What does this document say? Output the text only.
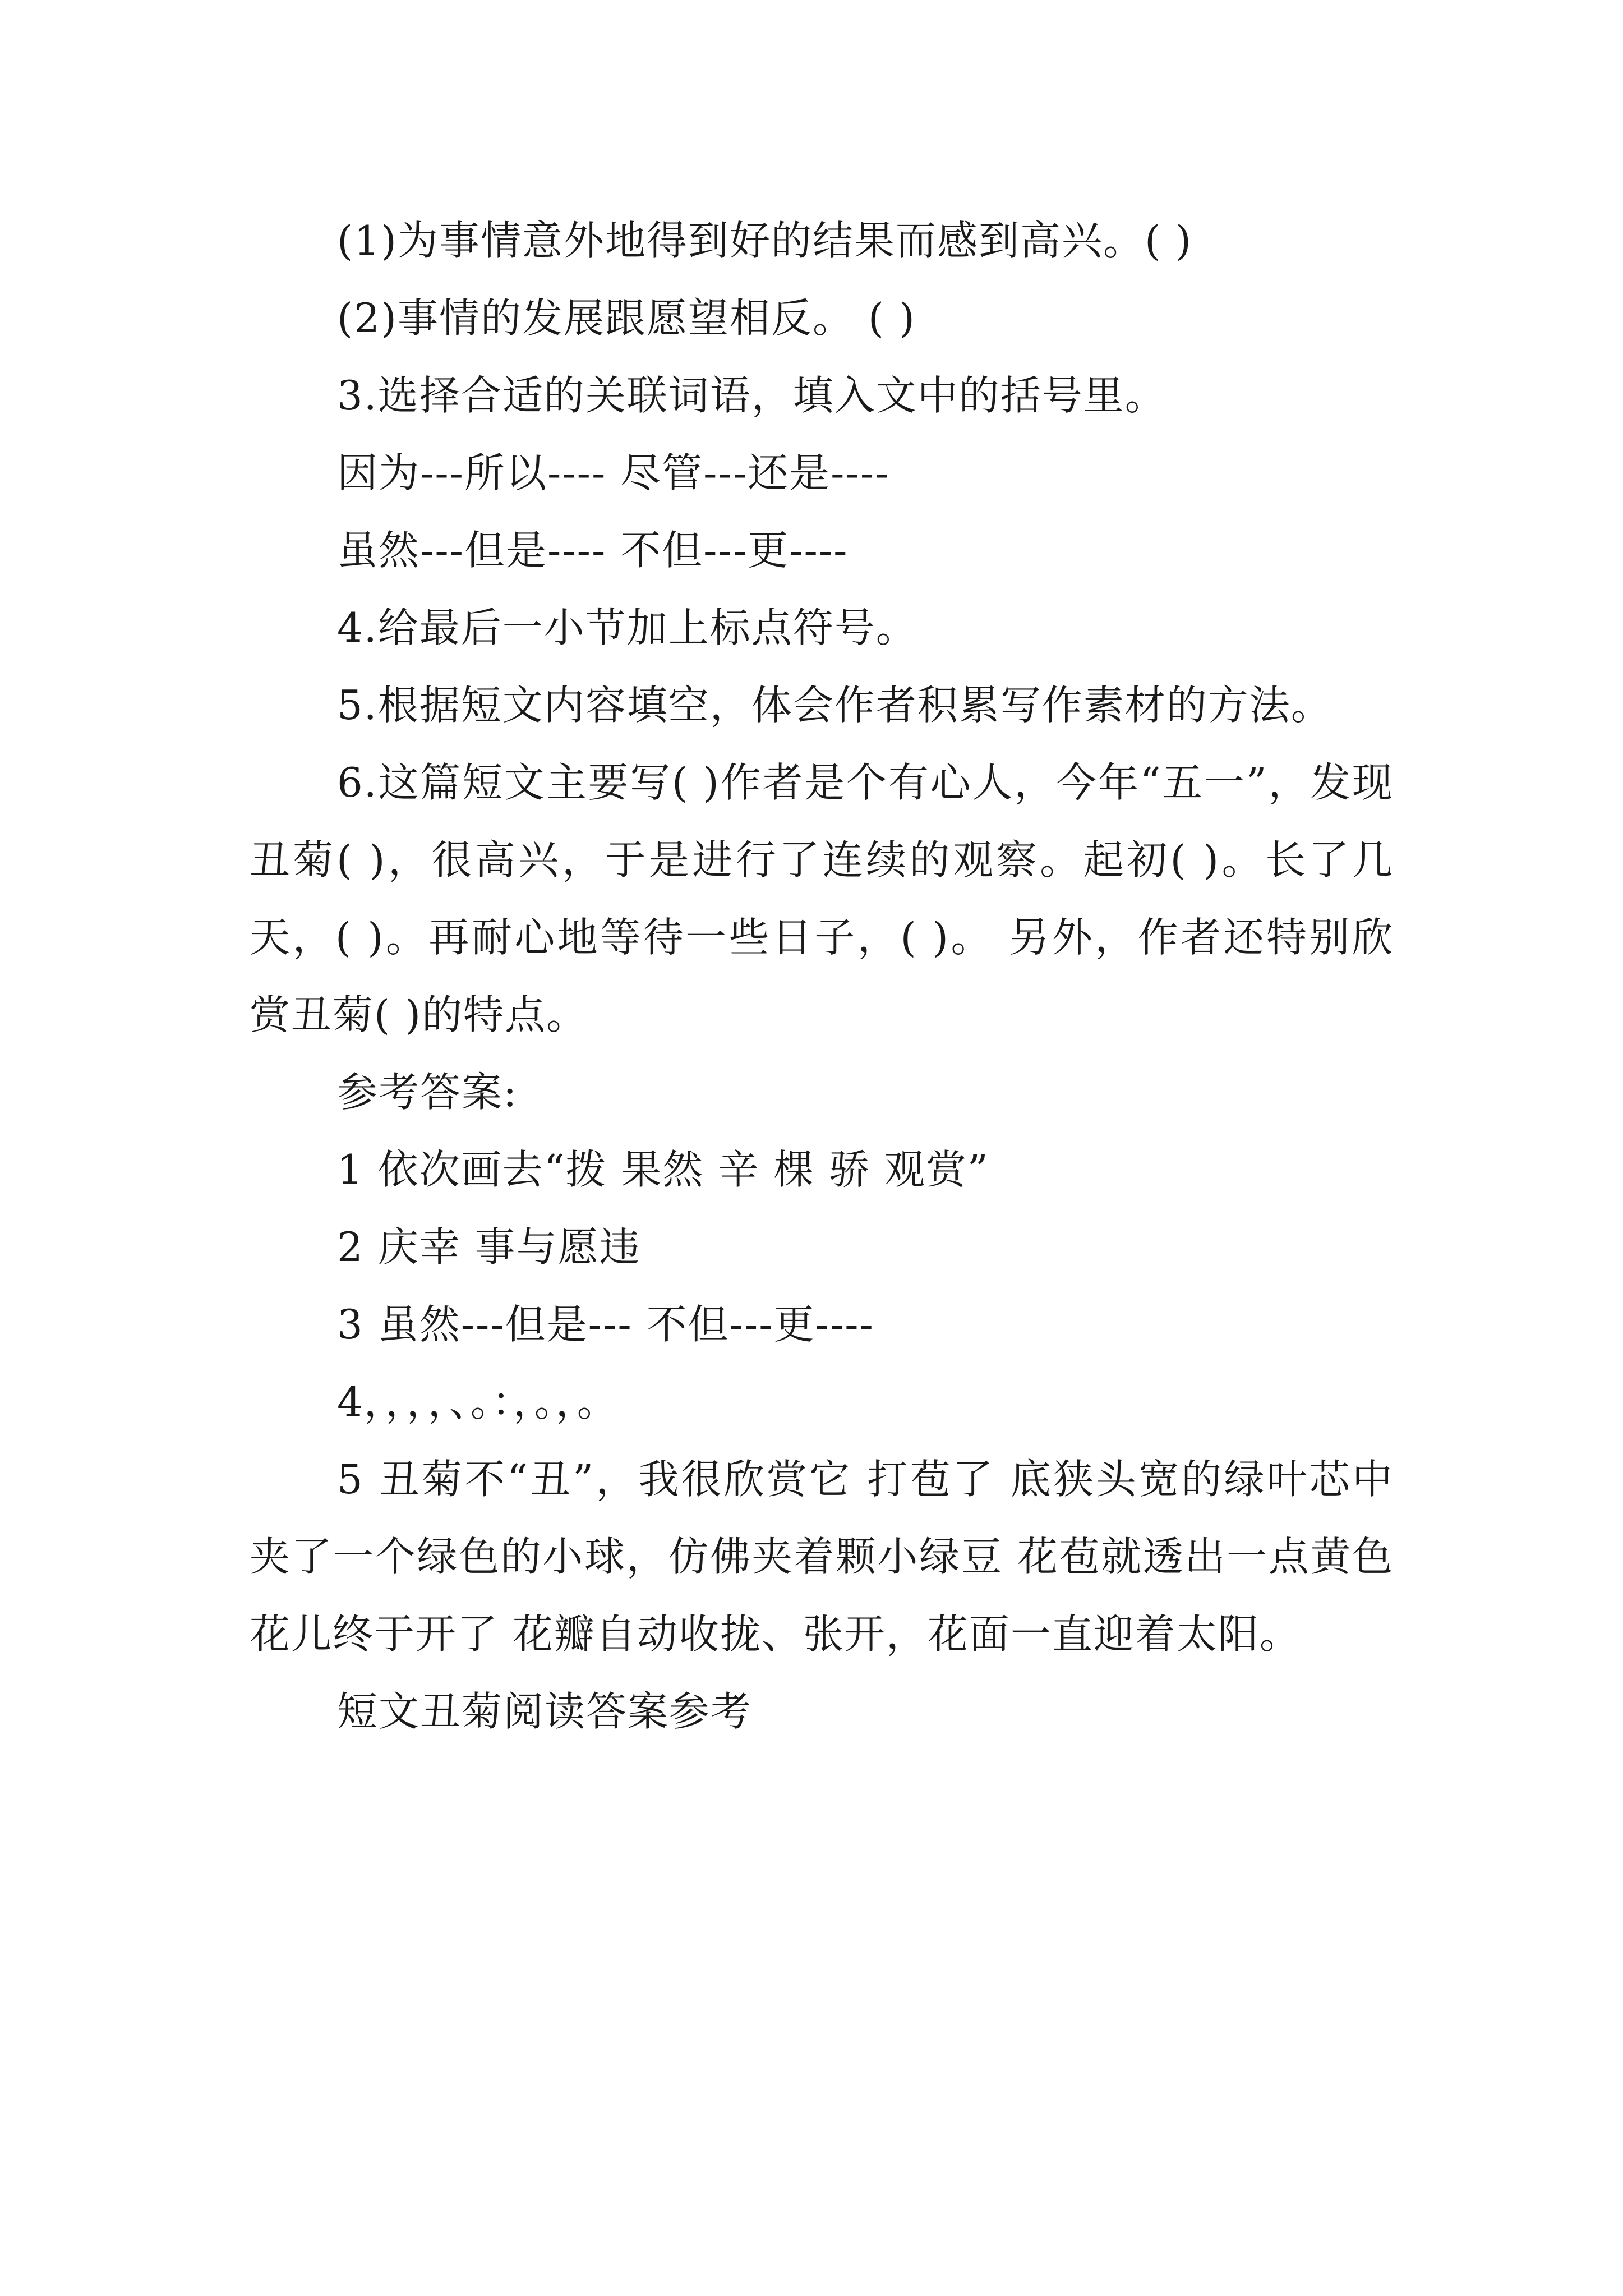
(1)为事情意外地得到好的结果而感到高兴。( )

(2)事情的发展跟愿望相反。 ( )

3.选择合适的关联词语，填入文中的括号里。

因为---所以---- 尽管---还是----

虽然---但是---- 不但---更----

4.给最后一小节加上标点符号。

5.根据短文内容填空，体会作者积累写作素材的方法。

6.这篇短文主要写( )作者是个有心人，今年“五一”，发现丑菊( )，很高兴，于是进行了连续的观察。起初( )。长了几天，( )。再耐心地等待一些日子，( )。 另外，作者还特别欣赏丑菊( )的特点。

参考答案:

1 依次画去“拨 果然 辛 棵 骄 观赏”

2 庆幸 事与愿违

3 虽然---但是--- 不但---更----

4，，，，、。：，。，。

5 丑菊不“丑”，我很欣赏它 打苞了 底狭头宽的绿叶芯中夹了一个绿色的小球，仿佛夹着颗小绿豆 花苞就透出一点黄色 花儿终于开了 花瓣自动收拢、张开，花面一直迎着太阳。

短文丑菊阅读答案参考
